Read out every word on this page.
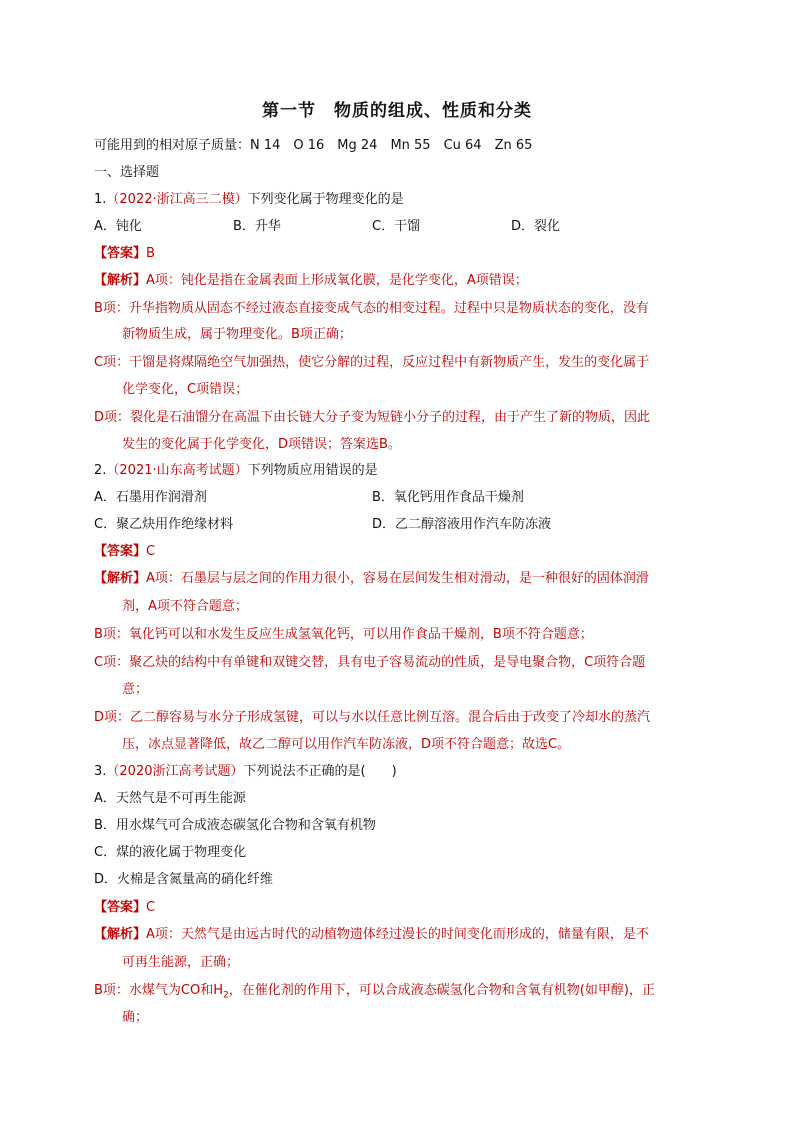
第一节　物质的组成、性质和分类
可能用到的相对原子质量：N 14　O 16　Mg 24　Mn 55　Cu 64　Zn 65
一、选择题
1.（2022·浙江高三二模）下列变化属于物理变化的是
A．钝化	B．升华	C．干馏	D．裂化
【答案】B
【解析】A项：钝化是指在金属表面上形成氧化膜，是化学变化，A项错误；
B项：升华指物质从固态不经过液态直接变成气态的相变过程。过程中只是物质状态的变化，没有
新物质生成，属于物理变化。B项正确；
C项：干馏是将煤隔绝空气加强热，使它分解的过程，反应过程中有新物质产生，发生的变化属于
化学变化，C项错误；
D项：裂化是石油馏分在高温下由长链大分子变为短链小分子的过程，由于产生了新的物质，因此
发生的变化属于化学变化，D项错误；答案选B。
2.（2021·山东高考试题）下列物质应用错误的是
A．石墨用作润滑剂	B．氧化钙用作食品干燥剂
C．聚乙炔用作绝缘材料	D．乙二醇溶液用作汽车防冻液
【答案】C
【解析】A项：石墨层与层之间的作用力很小，容易在层间发生相对滑动，是一种很好的固体润滑
剂，A项不符合题意；
B项：氧化钙可以和水发生反应生成氢氧化钙，可以用作食品干燥剂，B项不符合题意；
C项：聚乙炔的结构中有单键和双键交替，具有电子容易流动的性质，是导电聚合物，C项符合题
意；
D项：乙二醇容易与水分子形成氢键，可以与水以任意比例互溶。混合后由于改变了冷却水的蒸汽
压，冰点显著降低，故乙二醇可以用作汽车防冻液，D项不符合题意；故选C。
3.（2020浙江高考试题）下列说法不正确的是(　　)
A．天然气是不可再生能源
B．用水煤气可合成液态碳氢化合物和含氧有机物
C．煤的液化属于物理变化
D．火棉是含氮量高的硝化纤维
【答案】C
【解析】A项：天然气是由远古时代的动植物遗体经过漫长的时间变化而形成的，储量有限，是不
可再生能源，正确；
B项：水煤气为CO和$H_2$，在催化剂的作用下，可以合成液态碳氢化合物和含氧有机物(如甲醇)，正
确；
